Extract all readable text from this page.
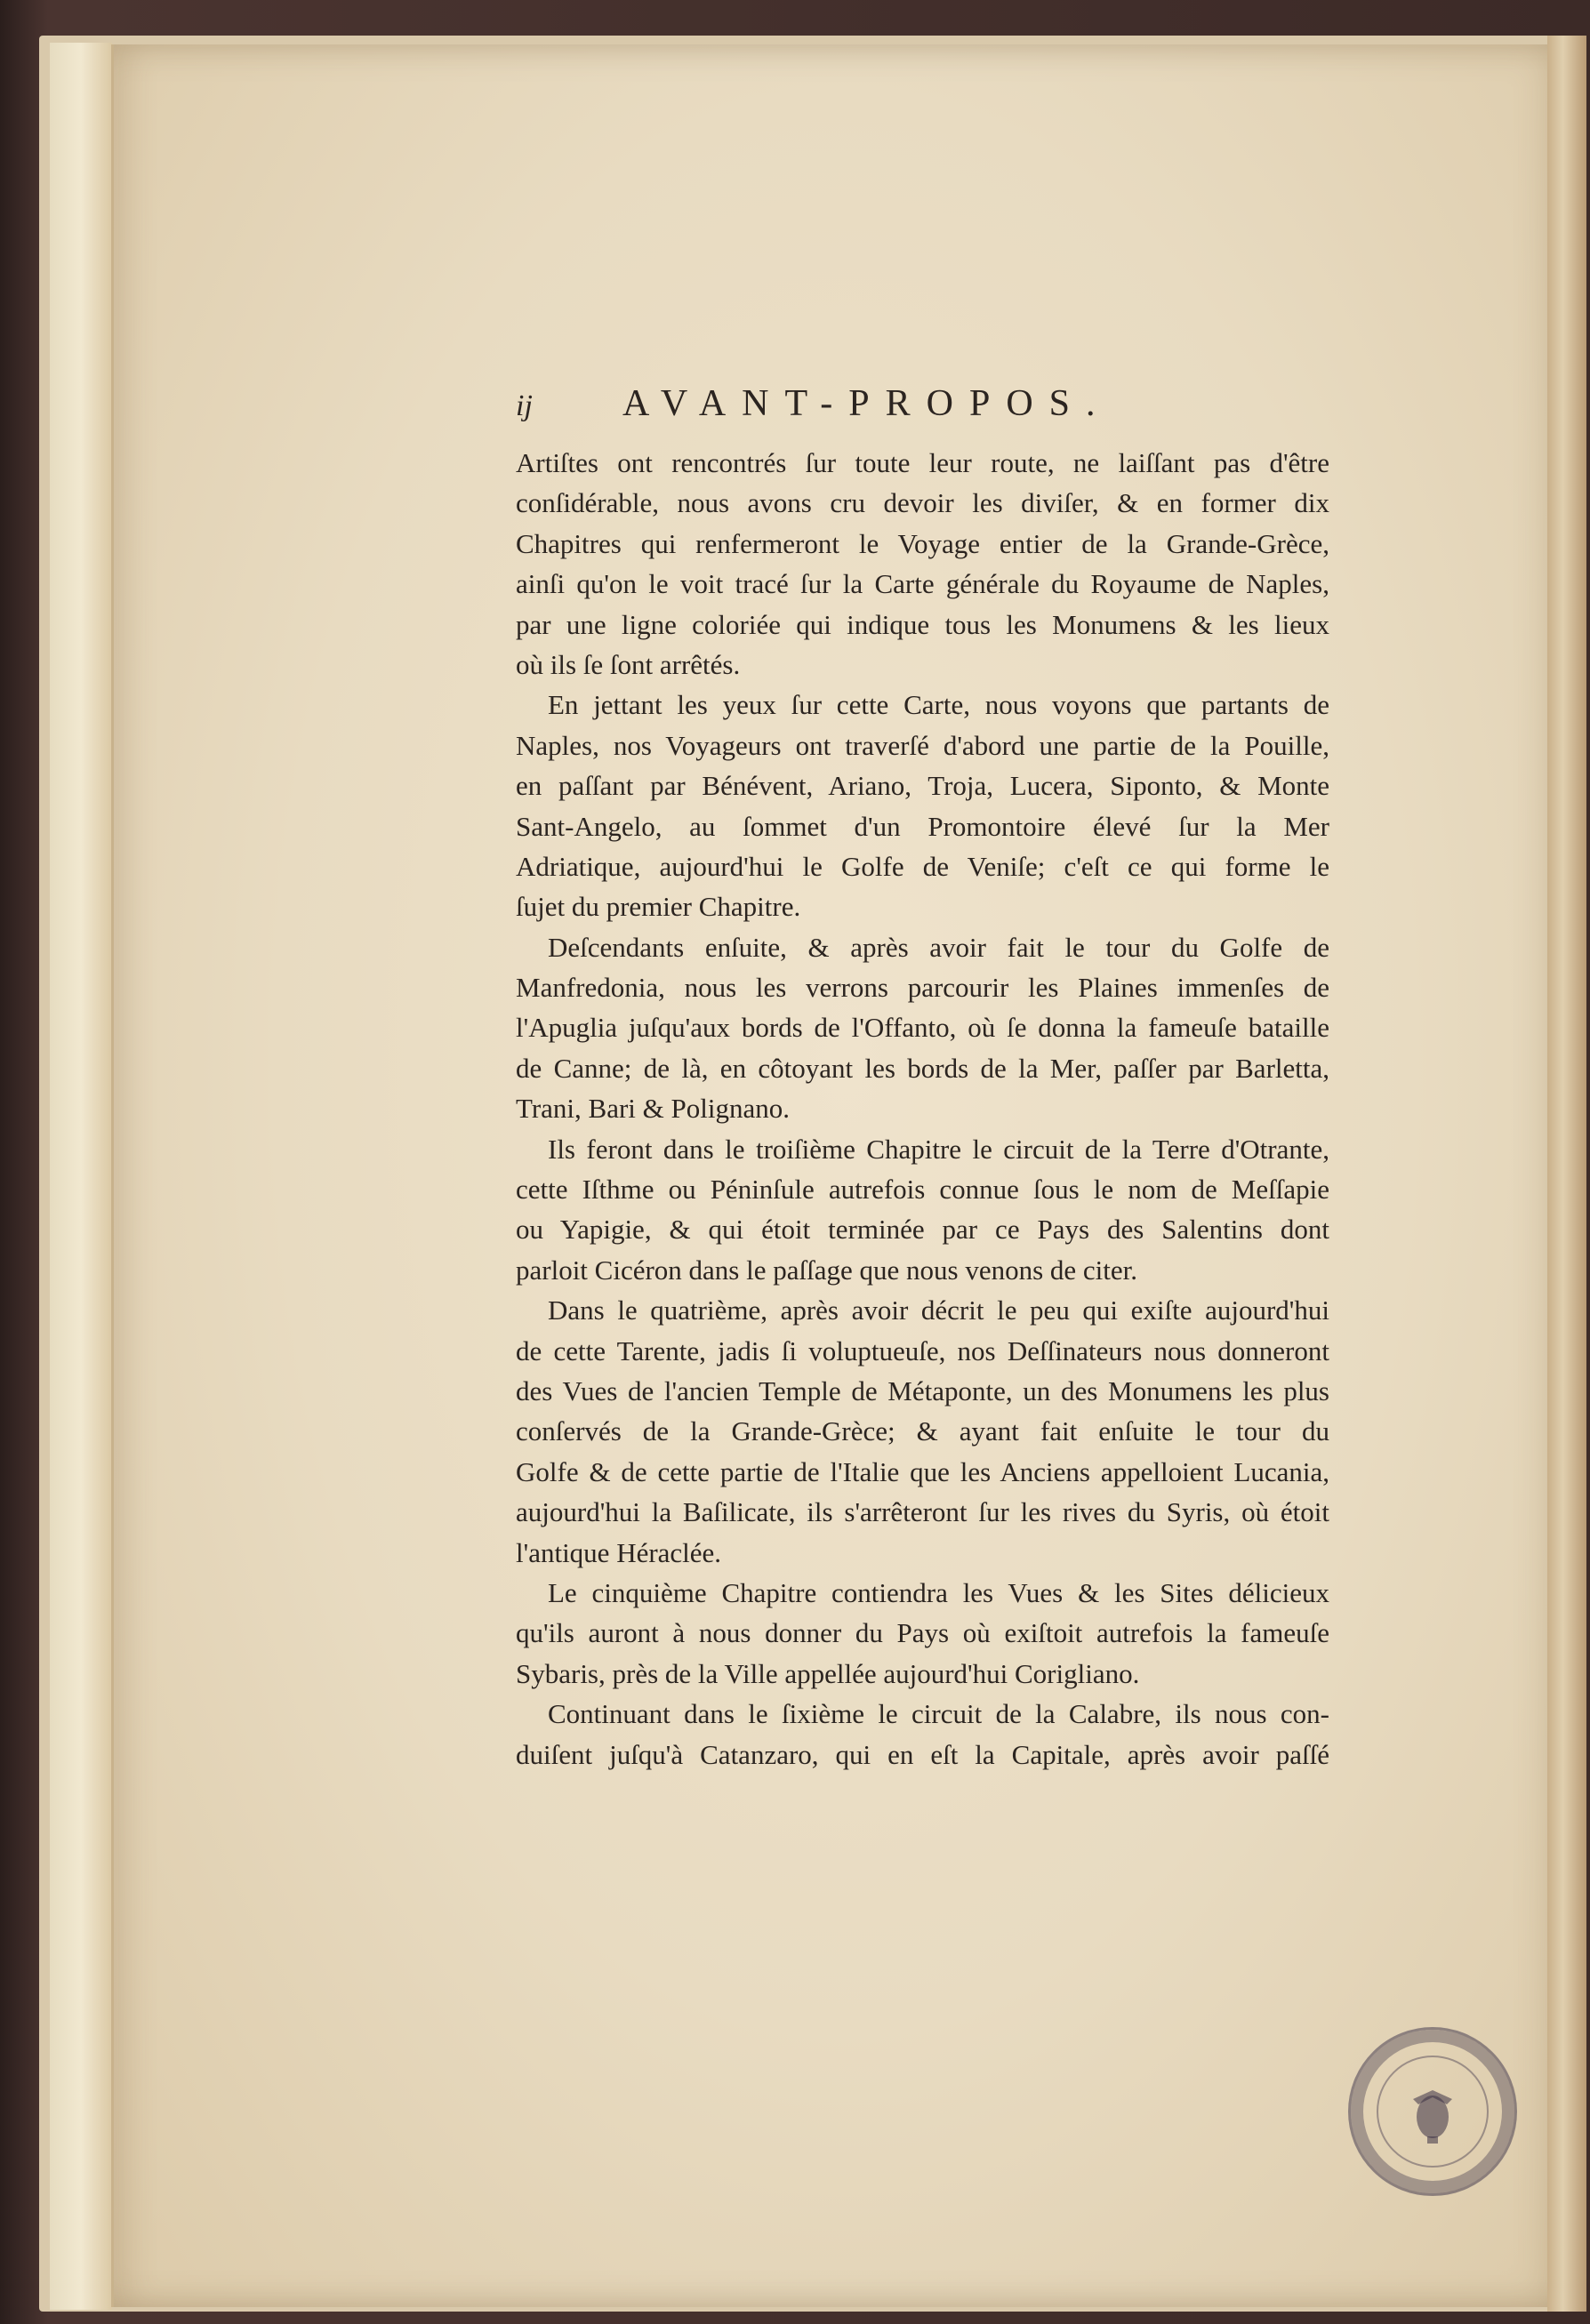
ij	AVANT-PROPOS.
Artiſtes ont rencontrés ſur toute leur route, ne laiſſant pas d'être
conſidérable, nous avons cru devoir les diviſer, & en former dix
Chapitres qui renfermeront le Voyage entier de la Grande-Grèce,
ainſi qu'on le voit tracé ſur la Carte générale du Royaume de Naples,
par une ligne coloriée qui indique tous les Monumens & les lieux
où ils ſe ſont arrêtés.
En jettant les yeux ſur cette Carte, nous voyons que partants de
Naples, nos Voyageurs ont traverſé d'abord une partie de la Pouille,
en paſſant par Bénévent, Ariano, Troja, Lucera, Siponto, & Monte
Sant-Angelo, au ſommet d'un Promontoire élevé ſur la Mer
Adriatique, aujourd'hui le Golfe de Veniſe; c'eſt ce qui forme le
ſujet du premier Chapitre.
Deſcendants enſuite, & après avoir fait le tour du Golfe de
Manfredonia, nous les verrons parcourir les Plaines immenſes de
l'Apuglia juſqu'aux bords de l'Offanto, où ſe donna la fameuſe bataille
de Canne; de là, en côtoyant les bords de la Mer, paſſer par Barletta,
Trani, Bari & Polignano.
Ils feront dans le troiſième Chapitre le circuit de la Terre d'Otrante,
cette Iſthme ou Péninſule autrefois connue ſous le nom de Meſſapie
ou Yapigie, & qui étoit terminée par ce Pays des Salentins dont
parloit Cicéron dans le paſſage que nous venons de citer.
Dans le quatrième, après avoir décrit le peu qui exiſte aujourd'hui
de cette Tarente, jadis ſi voluptueuſe, nos Deſſinateurs nous donneront
des Vues de l'ancien Temple de Métaponte, un des Monumens les plus
conſervés de la Grande-Grèce; & ayant fait enſuite le tour du
Golfe & de cette partie de l'Italie que les Anciens appelloient Lucania,
aujourd'hui la Baſilicate, ils s'arrêteront ſur les rives du Syris, où étoit
l'antique Héraclée.
Le cinquième Chapitre contiendra les Vues & les Sites délicieux
qu'ils auront à nous donner du Pays où exiſtoit autrefois la fameuſe
Sybaris, près de la Ville appellée aujourd'hui Corigliano.
Continuant dans le ſixième le circuit de la Calabre, ils nous con-
duiſent juſqu'à Catanzaro, qui en eſt la Capitale, après avoir paſſé
